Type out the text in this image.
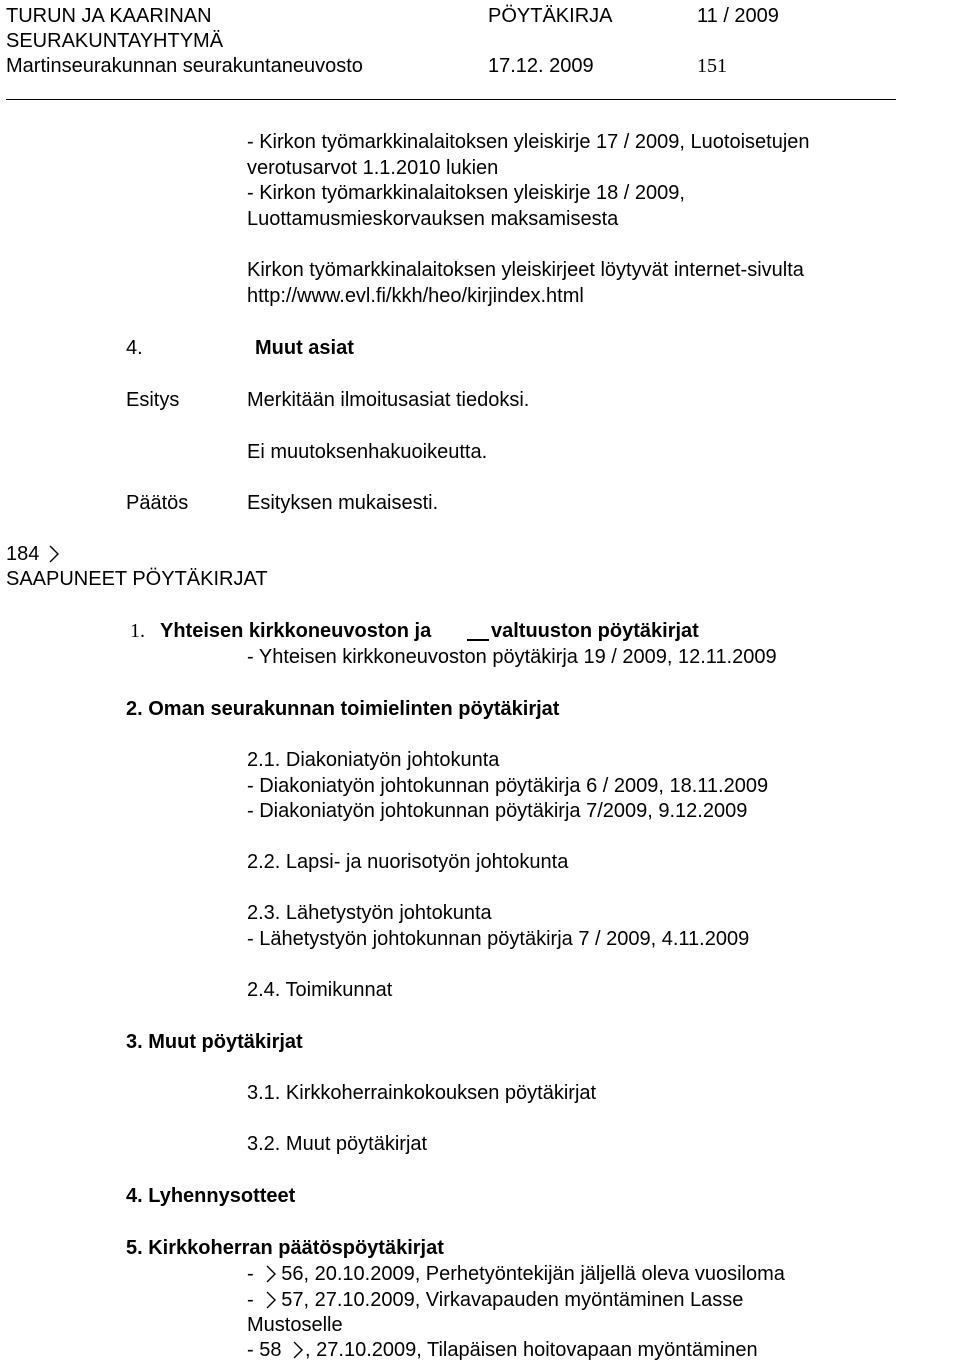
TURUN JA KAARINAN
SEURAKUNTAYHTYMÄ
Martinseurakunnan seurakuntaneuvosto
PÖYTÄKIRJA	11 / 2009
17.12. 2009	151
- Kirkon työmarkkinalaitoksen yleiskirje 17 / 2009, Luotoisetujen
verotusarvot 1.1.2010 lukien
- Kirkon työmarkkinalaitoksen yleiskirje 18 / 2009,
Luottamusmieskorvauksen maksamisesta
Kirkon työmarkkinalaitoksen yleiskirjeet löytyvät internet-sivulta
http://www.evl.fi/kkh/heo/kirjindex.html
4.	Muut asiat
Esitys	Merkitään ilmoitusasiat tiedoksi.
Ei muutoksenhakuoikeutta.
Päätös	Esityksen mukaisesti.
184
SAAPUNEET PÖYTÄKIRJAT
1. Yhteisen kirkkoneuvoston ja	valtuuston pöytäkirjat
- Yhteisen kirkkoneuvoston pöytäkirja 19 / 2009, 12.11.2009
2. Oman seurakunnan toimielinten pöytäkirjat
2.1. Diakoniatyön johtokunta
- Diakoniatyön johtokunnan pöytäkirja 6 / 2009, 18.11.2009
- Diakoniatyön johtokunnan pöytäkirja 7/2009, 9.12.2009
2.2. Lapsi- ja nuorisotyön johtokunta
2.3. Lähetystyön johtokunta
- Lähetystyön johtokunnan pöytäkirja 7 / 2009, 4.11.2009
2.4. Toimikunnat
3. Muut pöytäkirjat
3.1. Kirkkoherrainkokouksen pöytäkirjat
3.2. Muut pöytäkirjat
4. Lyhennysotteet
5. Kirkkoherran päätöspöytäkirjat
- 56, 20.10.2009, Perhetyöntekijän jäljellä oleva vuosiloma
- 57, 27.10.2009, Virkavapauden myöntäminen Lasse
Mustoselle
- 58 , 27.10.2009, Tilapäisen hoitovapaan myöntäminen
